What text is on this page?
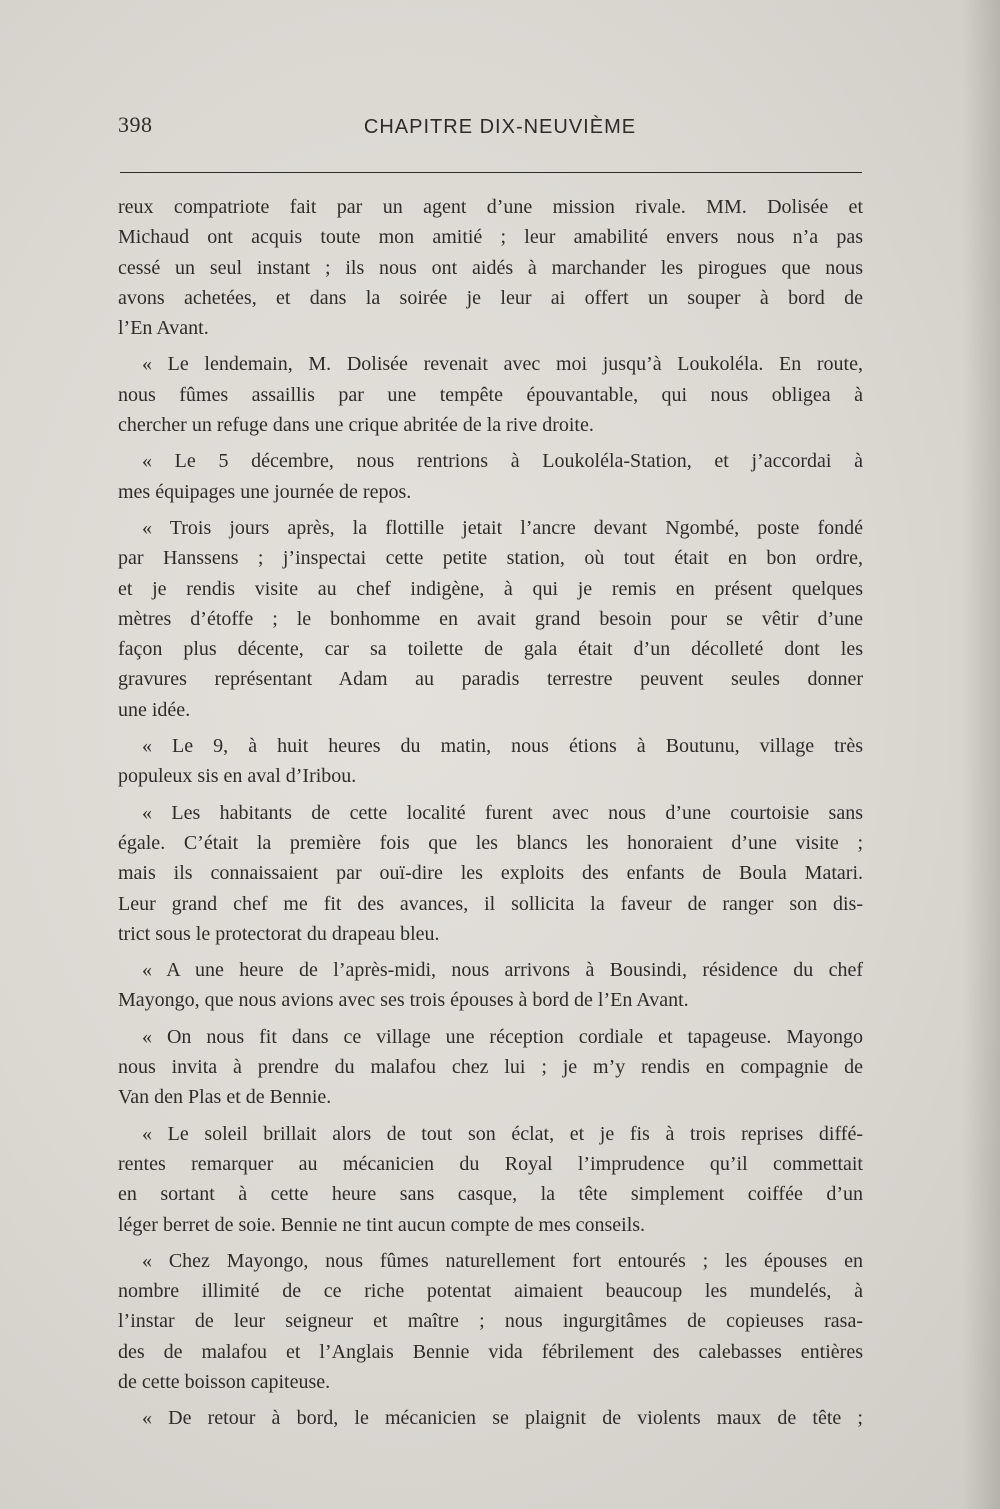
398	CHAPITRE DIX-NEUVIÈME

reux compatriote fait par un agent d’une mission rivale. MM. Dolisée et
Michaud ont acquis toute mon amitié ; leur amabilité envers nous n’a pas
cessé un seul instant ; ils nous ont aidés à marchander les pirogues que nous
avons achetées, et dans la soirée je leur ai offert un souper à bord de
l’En Avant.

« Le lendemain, M. Dolisée revenait avec moi jusqu’à Loukoléla. En route,
nous fûmes assaillis par une tempête épouvantable, qui nous obligea à
chercher un refuge dans une crique abritée de la rive droite.

« Le 5 décembre, nous rentrions à Loukoléla-Station, et j’accordai à
mes équipages une journée de repos.

« Trois jours après, la flottille jetait l’ancre devant Ngombé, poste fondé
par Hanssens ; j’inspectai cette petite station, où tout était en bon ordre,
et je rendis visite au chef indigène, à qui je remis en présent quelques
mètres d’étoffe ; le bonhomme en avait grand besoin pour se vêtir d’une
façon plus décente, car sa toilette de gala était d’un décolleté dont les
gravures représentant Adam au paradis terrestre peuvent seules donner
une idée.

« Le 9, à huit heures du matin, nous étions à Boutunu, village très
populeux sis en aval d’Iribou.

« Les habitants de cette localité furent avec nous d’une courtoisie sans
égale. C’était la première fois que les blancs les honoraient d’une visite ;
mais ils connaissaient par ouï-dire les exploits des enfants de Boula Matari.
Leur grand chef me fit des avances, il sollicita la faveur de ranger son dis-
trict sous le protectorat du drapeau bleu.

« A une heure de l’après-midi, nous arrivons à Bousindi, résidence du chef
Mayongo, que nous avions avec ses trois épouses à bord de l’En Avant.

« On nous fit dans ce village une réception cordiale et tapageuse. Mayongo
nous invita à prendre du malafou chez lui ; je m’y rendis en compagnie de
Van den Plas et de Bennie.

« Le soleil brillait alors de tout son éclat, et je fis à trois reprises diffé-
rentes remarquer au mécanicien du Royal l’imprudence qu’il commettait
en sortant à cette heure sans casque, la tête simplement coiffée d’un
léger berret de soie. Bennie ne tint aucun compte de mes conseils.

« Chez Mayongo, nous fûmes naturellement fort entourés ; les épouses en
nombre illimité de ce riche potentat aimaient beaucoup les mundelés, à
l’instar de leur seigneur et maître ; nous ingurgitâmes de copieuses rasa-
des de malafou et l’Anglais Bennie vida fébrilement des calebasses entières
de cette boisson capiteuse.

« De retour à bord, le mécanicien se plaignit de violents maux de tête ;
